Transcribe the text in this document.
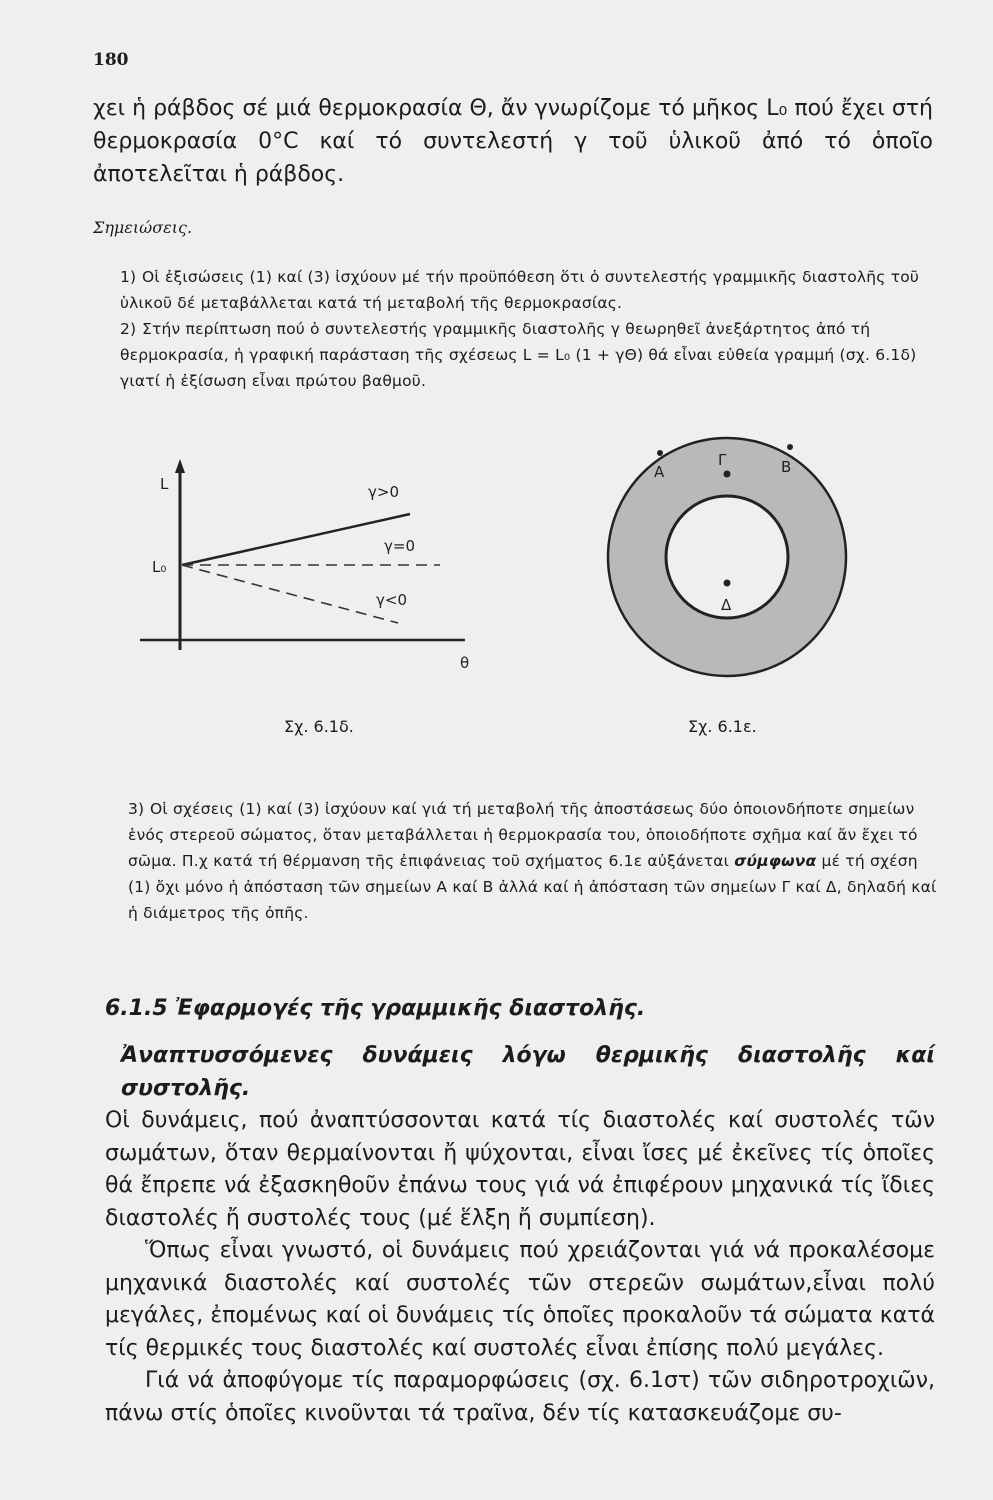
180

χει ἡ ράβδος σέ μιά θερμοκρασία Θ, ἄν γνωρίζομε τό μῆκος L₀ πού ἔχει στή θερμοκρασία 0°C καί τό συντελεστή γ τοῦ ὑλικοῦ ἀπό τό ὁποῖο ἀποτελεῖται ἡ ράβδος.

Σημειώσεις.

1) Οἱ ἐξισώσεις (1) καί (3) ἰσχύουν μέ τήν προϋπόθεση ὅτι ὁ συντελεστής γραμμικῆς διαστολῆς τοῦ ὑλικοῦ δέ μεταβάλλεται κατά τή μεταβολή τῆς θερμοκρασίας.

2) Στήν περίπτωση πού ὁ συντελεστής γραμμικῆς διαστολῆς γ θεωρηθεῖ ἀνεξάρτητος ἀπό τή θερμοκρασία, ἡ γραφική παράσταση τῆς σχέσεως L = L₀ (1 + γΘ) θά εἶναι εὐθεία γραμμή (σχ. 6.1δ) γιατί ἡ ἐξίσωση εἶναι πρώτου βαθμοῦ.

L
L₀
θ
γ>0
γ=0
γ<0
Σχ. 6.1δ.
Α
Γ	Β
Δ
Σχ. 6.1ε.

3) Οἱ σχέσεις (1) καί (3) ἰσχύουν καί γιά τή μεταβολή τῆς ἀποστάσεως δύο ὁποιονδήποτε σημείων ἑνός στερεοῦ σώματος, ὅταν μεταβάλλεται ἡ θερμοκρασία του, ὁποιοδήποτε σχῆμα καί ἄν ἔχει τό σῶμα. Π.χ κατά τή θέρμανση τῆς ἐπιφάνειας τοῦ σχήματος 6.1ε αὐξάνεται σύμφωνα μέ τή σχέση (1) ὄχι μόνο ἡ ἀπόσταση τῶν σημείων Α καί Β ἀλλά καί ἡ ἀπόσταση τῶν σημείων Γ καί Δ, δηλαδή καί ἡ διάμετρος τῆς ὀπῆς.

6.1.5 Ἐφαρμογές τῆς γραμμικῆς διαστολῆς.

Ἀναπτυσσόμενες δυνάμεις λόγω θερμικῆς διαστολῆς καί συστολῆς.

Οἱ δυνάμεις, πού ἀναπτύσσονται κατά τίς διαστολές καί συστολές τῶν σωμάτων, ὅταν θερμαίνονται ἤ ψύχονται, εἶναι ἴσες μέ ἐκεῖνες τίς ὁποῖες θά ἔπρεπε νά ἐξασκηθοῦν ἐπάνω τους γιά νά ἐπιφέρουν μηχανικά τίς ἴδιες διαστολές ἤ συστολές τους (μέ ἕλξη ἤ συμπίεση).

Ὅπως εἶναι γνωστό, οἱ δυνάμεις πού χρειάζονται γιά νά προκαλέσομε μηχανικά διαστολές καί συστολές τῶν στερεῶν σωμάτων,εἶναι πολύ μεγάλες, ἐπομένως καί οἱ δυνάμεις τίς ὁποῖες προκαλοῦν τά σώματα κατά τίς θερμικές τους διαστολές καί συστολές εἶναι ἐπίσης πολύ μεγάλες.

Γιά νά ἀποφύγομε τίς παραμορφώσεις (σχ. 6.1στ) τῶν σιδηροτροχιῶν, πάνω στίς ὁποῖες κινοῦνται τά τραῖνα, δέν τίς κατασκευάζομε συ-
